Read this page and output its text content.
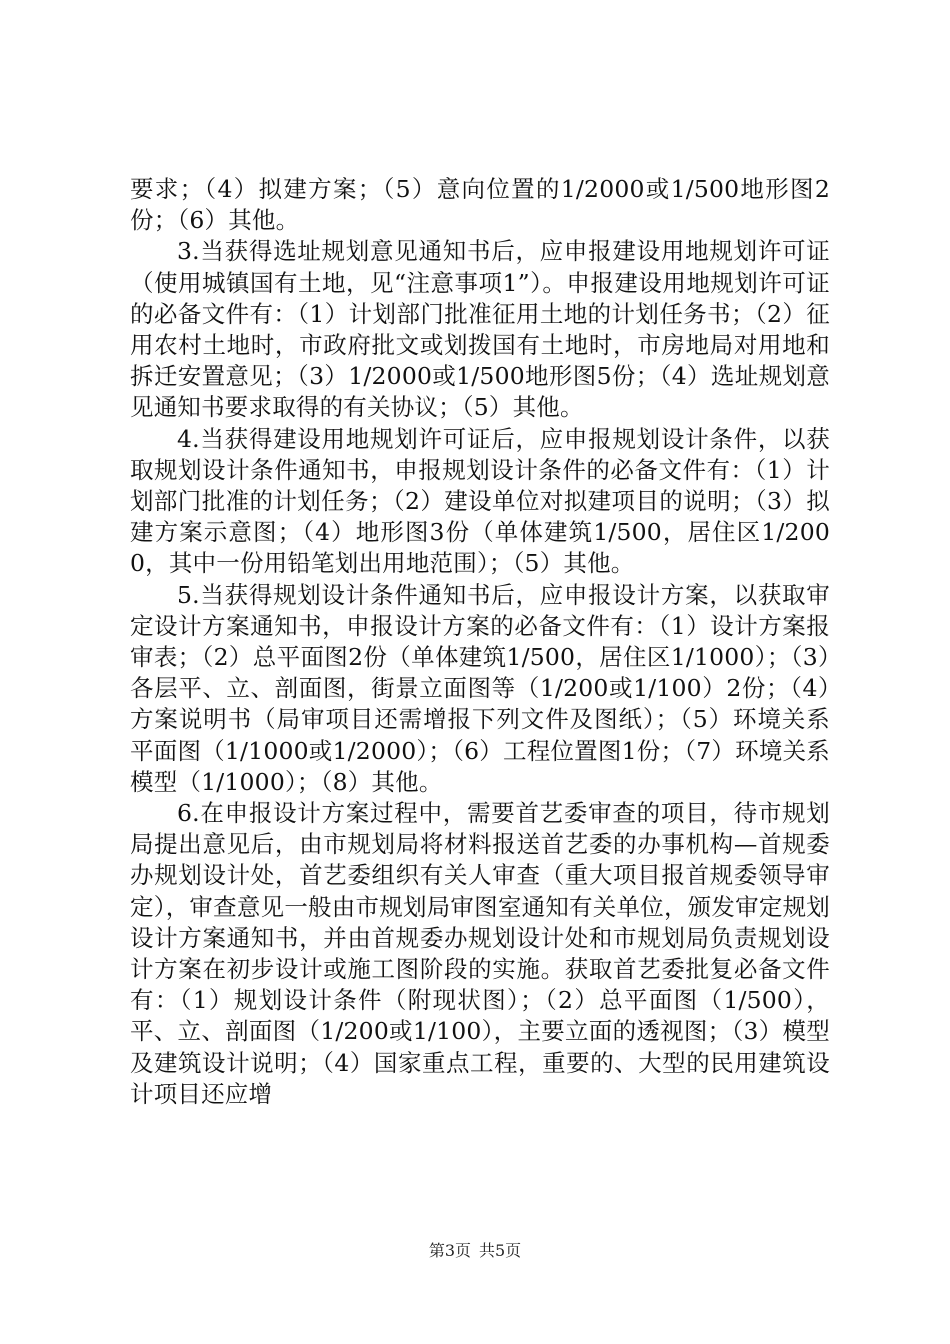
要求；（4）拟建方案；（5）意向位置的1/2000或1/500地形图2份；（6）其他。

3.当获得选址规划意见通知书后，应申报建设用地规划许可证（使用城镇国有土地，见“注意事项1”）。申报建设用地规划许可证的必备文件有：（1）计划部门批准征用土地的计划任务书；（2）征用农村土地时，市政府批文或划拨国有土地时，市房地局对用地和拆迁安置意见；（3）1/2000或1/500地形图5份；（4）选址规划意见通知书要求取得的有关协议；（5）其他。

4.当获得建设用地规划许可证后，应申报规划设计条件，以获取规划设计条件通知书，申报规划设计条件的必备文件有：（1）计划部门批准的计划任务；（2）建设单位对拟建项目的说明；（3）拟建方案示意图；（4）地形图3份（单体建筑1/500，居住区1/2000，其中一份用铅笔划出用地范围）；（5）其他。

5.当获得规划设计条件通知书后，应申报设计方案，以获取审定设计方案通知书，申报设计方案的必备文件有：（1）设计方案报审表；（2）总平面图2份（单体建筑1/500，居住区1/1000）；（3）各层平、立、剖面图，街景立面图等（1/200或1/100）2份；（4）方案说明书（局审项目还需增报下列文件及图纸）；（5）环境关系平面图（1/1000或1/2000）；（6）工程位置图1份；（7）环境关系模型（1/1000）；（8）其他。

6.在申报设计方案过程中，需要首艺委审查的项目，待市规划局提出意见后，由市规划局将材料报送首艺委的办事机构—首规委办规划设计处，首艺委组织有关人审查（重大项目报首规委领导审定），审查意见一般由市规划局审图室通知有关单位，颁发审定规划设计方案通知书，并由首规委办规划设计处和市规划局负责规划设计方案在初步设计或施工图阶段的实施。获取首艺委批复必备文件有：（1）规划设计条件（附现状图）；（2）总平面图（1/500），平、立、剖面图（1/200或1/100），主要立面的透视图；（3）模型及建筑设计说明；（4）国家重点工程，重要的、大型的民用建筑设计项目还应增

第3页 共5页
